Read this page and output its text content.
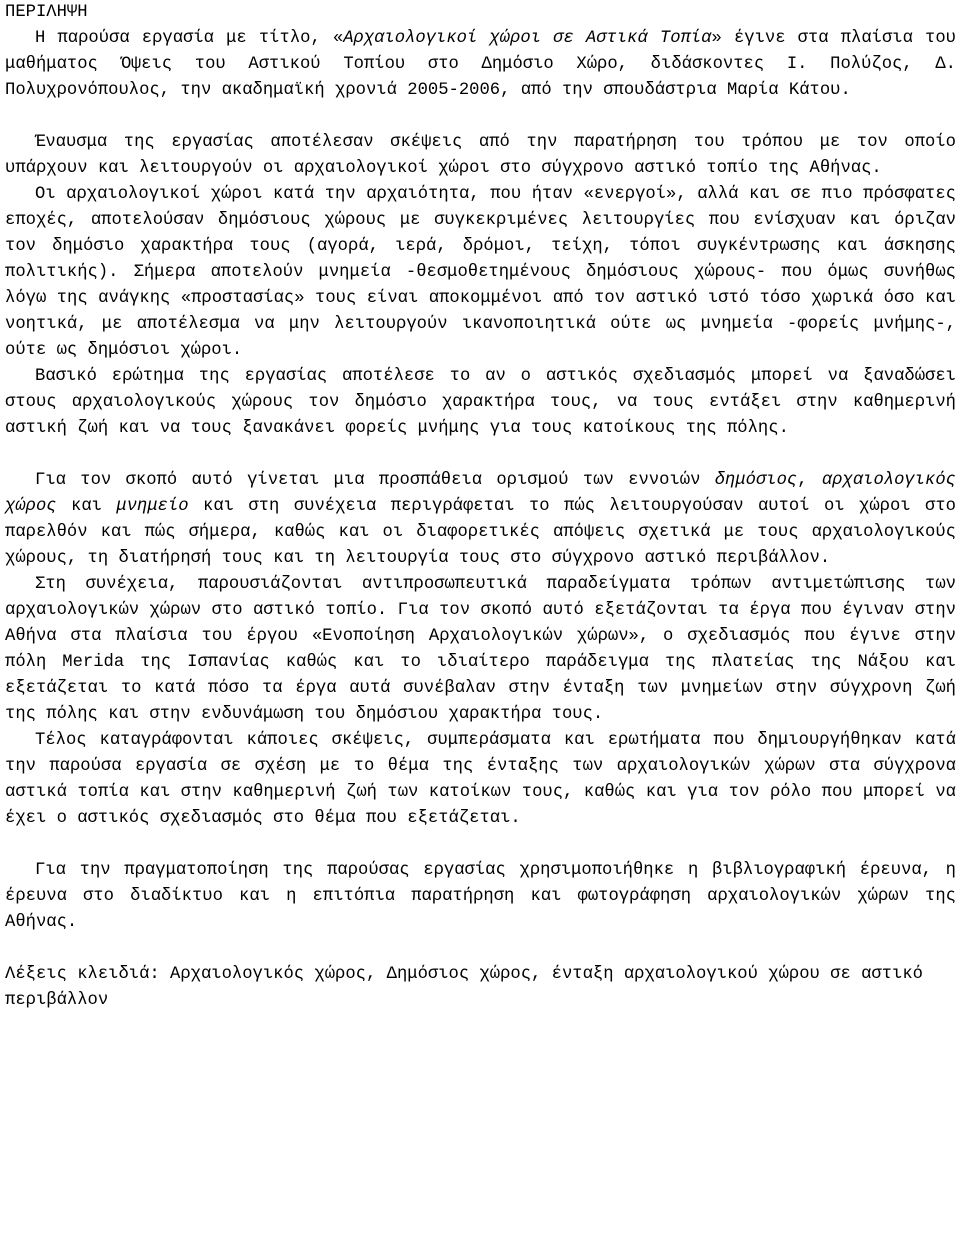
ΠΕΡΙΛΗΨΗ

Η παρούσα εργασία με τίτλο, «Αρχαιολογικοί χώροι σε Αστικά Τοπία» έγινε στα πλαίσια του μαθήματος Όψεις του Αστικού Τοπίου στο Δημόσιο Χώρο, διδάσκοντες Ι. Πολύζος, Δ. Πολυχρονόπουλος, την ακαδημαϊκή χρονιά 2005-2006, από την σπουδάστρια Μαρία Κάτου.

Έναυσμα της εργασίας αποτέλεσαν σκέψεις από την παρατήρηση του τρόπου με τον οποίο υπάρχουν και λειτουργούν οι αρχαιολογικοί χώροι στο σύγχρονο αστικό τοπίο της Αθήνας.

Οι αρχαιολογικοί χώροι κατά την αρχαιότητα, που ήταν «ενεργοί», αλλά και σε πιο πρόσφατες εποχές, αποτελούσαν δημόσιους χώρους με συγκεκριμένες λειτουργίες που ενίσχυαν και όριζαν τον δημόσιο χαρακτήρα τους (αγορά, ιερά, δρόμοι, τείχη, τόποι συγκέντρωσης και άσκησης πολιτικής). Σήμερα αποτελούν μνημεία -θεσμοθετημένους δημόσιους χώρους- που όμως συνήθως λόγω της ανάγκης «προστασίας» τους είναι αποκομμένοι από τον αστικό ιστό τόσο χωρικά όσο και νοητικά, με αποτέλεσμα να μην λειτουργούν ικανοποιητικά ούτε ως μνημεία -φορείς μνήμης-, ούτε ως δημόσιοι χώροι.

Βασικό ερώτημα της εργασίας αποτέλεσε το αν ο αστικός σχεδιασμός μπορεί να ξαναδώσει στους αρχαιολογικούς χώρους τον δημόσιο χαρακτήρα τους, να τους εντάξει στην καθημερινή αστική ζωή και να τους ξανακάνει φορείς μνήμης για τους κατοίκους της πόλης.

Για τον σκοπό αυτό γίνεται μια προσπάθεια ορισμού των εννοιών δημόσιος, αρχαιολογικός χώρος και μνημείο και στη συνέχεια περιγράφεται το πώς λειτουργούσαν αυτοί οι χώροι στο παρελθόν και πώς σήμερα, καθώς και οι διαφορετικές απόψεις σχετικά με τους αρχαιολογικούς χώρους, τη διατήρησή τους και τη λειτουργία τους στο σύγχρονο αστικό περιβάλλον.

Στη συνέχεια, παρουσιάζονται αντιπροσωπευτικά παραδείγματα τρόπων αντιμετώπισης των αρχαιολογικών χώρων στο αστικό τοπίο. Για τον σκοπό αυτό εξετάζονται τα έργα που έγιναν στην Αθήνα στα πλαίσια του έργου «Ενοποίηση Αρχαιολογικών χώρων», ο σχεδιασμός που έγινε στην πόλη Merida της Ισπανίας καθώς και το ιδιαίτερο παράδειγμα της πλατείας της Νάξου και εξετάζεται το κατά πόσο τα έργα αυτά συνέβαλαν στην ένταξη των μνημείων στην σύγχρονη ζωή της πόλης και στην ενδυνάμωση του δημόσιου χαρακτήρα τους.

Τέλος καταγράφονται κάποιες σκέψεις, συμπεράσματα και ερωτήματα που δημιουργήθηκαν κατά την παρούσα εργασία σε σχέση με το θέμα της ένταξης των αρχαιολογικών χώρων στα σύγχρονα αστικά τοπία και στην καθημερινή ζωή των κατοίκων τους, καθώς και για τον ρόλο που μπορεί να έχει ο αστικός σχεδιασμός στο θέμα που εξετάζεται.

Για την πραγματοποίηση της παρούσας εργασίας χρησιμοποιήθηκε η βιβλιογραφική έρευνα, η έρευνα στο διαδίκτυο και η επιτόπια παρατήρηση και φωτογράφηση αρχαιολογικών χώρων της Αθήνας.

Λέξεις κλειδιά: Αρχαιολογικός χώρος, Δημόσιος χώρος, ένταξη αρχαιολογικού χώρου σε αστικό περιβάλλον
